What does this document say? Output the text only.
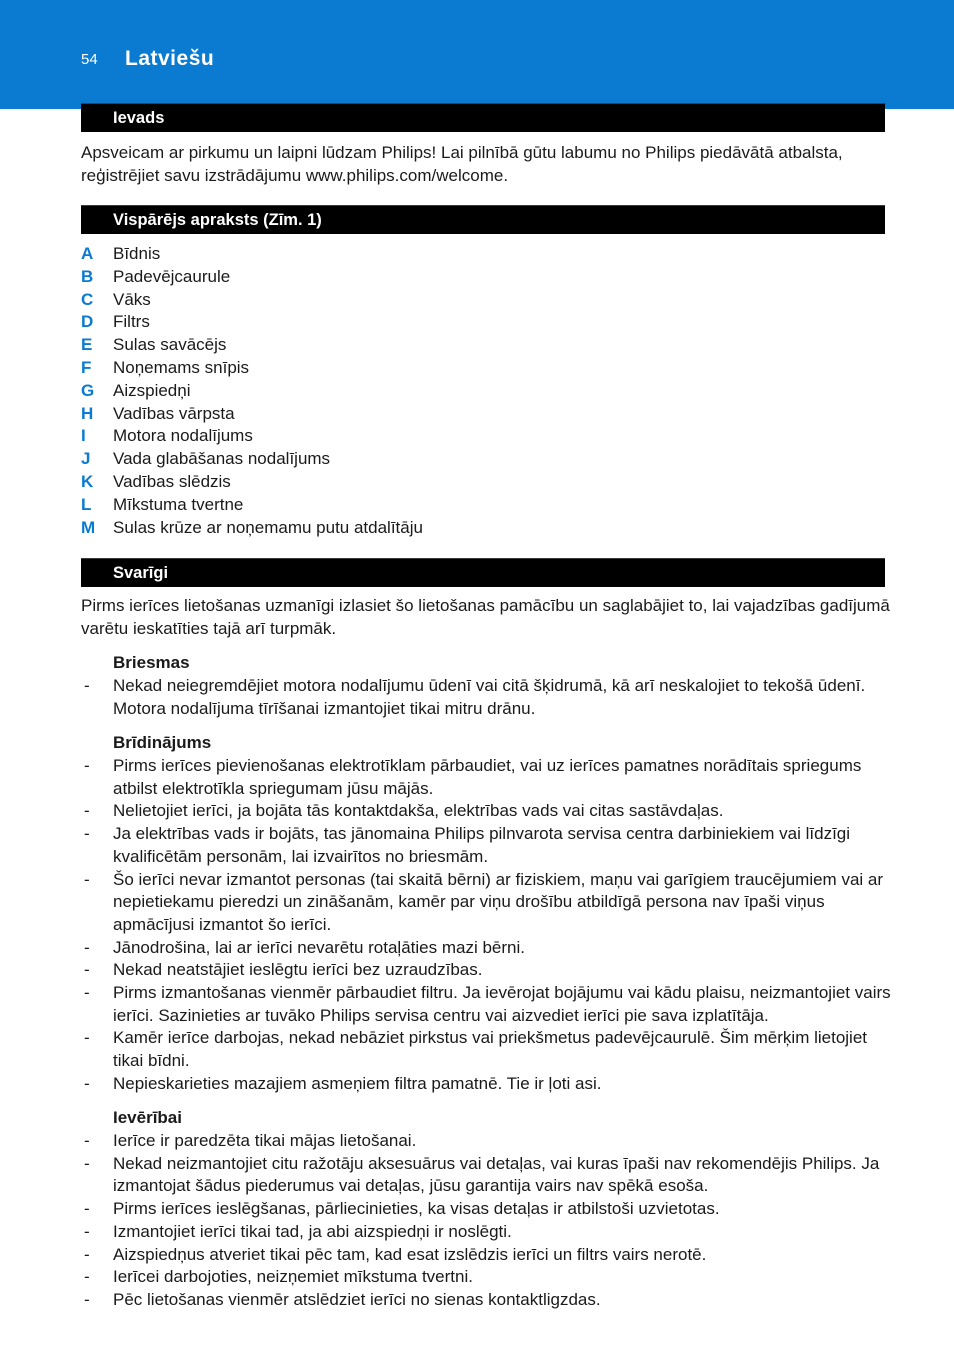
54 Latviešu
Ievads
Apsveicam ar pirkumu un laipni lūdzam Philips! Lai pilnībā gūtu labumu no Philips piedāvātā atbalsta, reģistrējiet savu izstrādājumu www.philips.com/welcome.
Vispārējs apraksts (Zīm. 1)
A Bīdnis
B Padevējcaurule
C Vāks
D Filtrs
E Sulas savācējs
F Noņemams snīpis
G Aizspiedņi
H Vadības vārpsta
I Motora nodalījums
J Vada glabāšanas nodalījums
K Vadības slēdzis
L Mīkstuma tvertne
M Sulas krūze ar noņemamu putu atdalītāju
Svarīgi
Pirms ierīces lietošanas uzmanīgi izlasiet šo lietošanas pamācību un saglabājiet to, lai vajadzības gadījumā varētu ieskatīties tajā arī turpmāk.
Briesmas
- Nekad neiegremdējiet motora nodalījumu ūdenī vai citā šķidrumā, kā arī neskalojiet to tekošā ūdenī. Motora nodalījuma tīrīšanai izmantojiet tikai mitru drānu.
Brīdinājums
- Pirms ierīces pievienošanas elektrotīklam pārbaudiet, vai uz ierīces pamatnes norādītais spriegums atbilst elektrotīkla spriegumam jūsu mājās.
- Nelietojiet ierīci, ja bojāta tās kontaktdakša, elektrības vads vai citas sastāvdaļas.
- Ja elektrības vads ir bojāts, tas jānomaina Philips pilnvarota servisa centra darbiniekiem vai līdzīgi kvalificētām personām, lai izvairītos no briesmām.
- Šo ierīci nevar izmantot personas (tai skaitā bērni) ar fiziskiem, maņu vai garīgiem traucējumiem vai ar nepietiekamu pieredzi un zināšanām, kamēr par viņu drošību atbildīgā persona nav īpaši viņus apmācījusi izmantot šo ierīci.
- Jānodrošina, lai ar ierīci nevarētu rotaļāties mazi bērni.
- Nekad neatstājiet ieslēgtu ierīci bez uzraudzības.
- Pirms izmantošanas vienmēr pārbaudiet filtru. Ja ievērojat bojājumu vai kādu plaisu, neizmantojiet vairs ierīci. Sazinieties ar tuvāko Philips servisa centru vai aizvediet ierīci pie sava izplatītāja.
- Kamēr ierīce darbojas, nekad nebāziet pirkstus vai priekšmetus padevējcaurulē. Šim mērķim lietojiet tikai bīdni.
- Nepieskarieties mazajiem asmeņiem filtra pamatnē. Tie ir ļoti asi.
Ievērībai
- Ierīce ir paredzēta tikai mājas lietošanai.
- Nekad neizmantojiet citu ražotāju aksesuārus vai detaļas, vai kuras īpaši nav rekomendējis Philips. Ja izmantojat šādus piederumus vai detaļas, jūsu garantija vairs nav spēkā esoša.
- Pirms ierīces ieslēgšanas, pārliecinieties, ka visas detaļas ir atbilstoši uzvietotas.
- Izmantojiet ierīci tikai tad, ja abi aizspiedņi ir noslēgti.
- Aizspiedņus atveriet tikai pēc tam, kad esat izslēdzis ierīci un filtrs vairs nerotē.
- Ierīcei darbojoties, neizņemiet mīkstuma tvertni.
- Pēc lietošanas vienmēr atslēdziet ierīci no sienas kontaktligzdas.
